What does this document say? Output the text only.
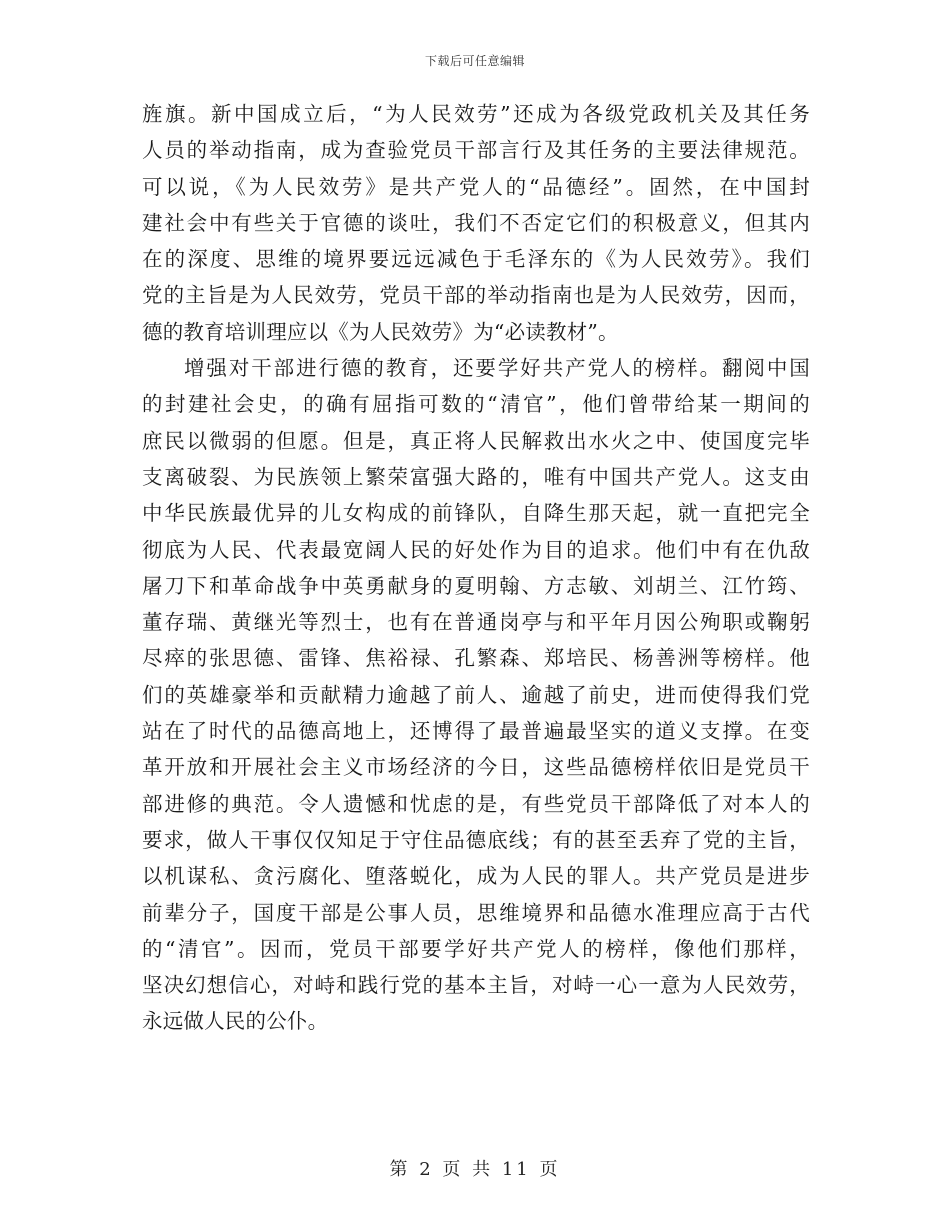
下载后可任意编辑
旌旗。新中国成立后，“为人民效劳”还成为各级党政机关及其任务
人员的举动指南，成为查验党员干部言行及其任务的主要法律规范。
可以说，《为人民效劳》是共产党人的“品德经”。固然，在中国封
建社会中有些关于官德的谈吐，我们不否定它们的积极意义，但其内
在的深度、思维的境界要远远减色于毛泽东的《为人民效劳》。我们
党的主旨是为人民效劳，党员干部的举动指南也是为人民效劳，因而，
德的教育培训理应以《为人民效劳》为“必读教材”。
增强对干部进行德的教育，还要学好共产党人的榜样。翻阅中国
的封建社会史，的确有屈指可数的“清官”，他们曾带给某一期间的
庶民以微弱的但愿。但是，真正将人民解救出水火之中、使国度完毕
支离破裂、为民族领上繁荣富强大路的，唯有中国共产党人。这支由
中华民族最优异的儿女构成的前锋队，自降生那天起，就一直把完全
彻底为人民、代表最宽阔人民的好处作为目的追求。他们中有在仇敌
屠刀下和革命战争中英勇献身的夏明翰、方志敏、刘胡兰、江竹筠、
董存瑞、黄继光等烈士，也有在普通岗亭与和平年月因公殉职或鞠躬
尽瘁的张思德、雷锋、焦裕禄、孔繁森、郑培民、杨善洲等榜样。他
们的英雄豪举和贡献精力逾越了前人、逾越了前史，进而使得我们党
站在了时代的品德高地上，还博得了最普遍最坚实的道义支撑。在变
革开放和开展社会主义市场经济的今日，这些品德榜样依旧是党员干
部进修的典范。令人遗憾和忧虑的是，有些党员干部降低了对本人的
要求，做人干事仅仅知足于守住品德底线；有的甚至丢弃了党的主旨，
以机谋私、贪污腐化、堕落蜕化，成为人民的罪人。共产党员是进步
前辈分子，国度干部是公事人员，思维境界和品德水准理应高于古代
的“清官”。因而，党员干部要学好共产党人的榜样，像他们那样，
坚决幻想信心，对峙和践行党的基本主旨，对峙一心一意为人民效劳，
永远做人民的公仆。
第 2 页 共 11 页
